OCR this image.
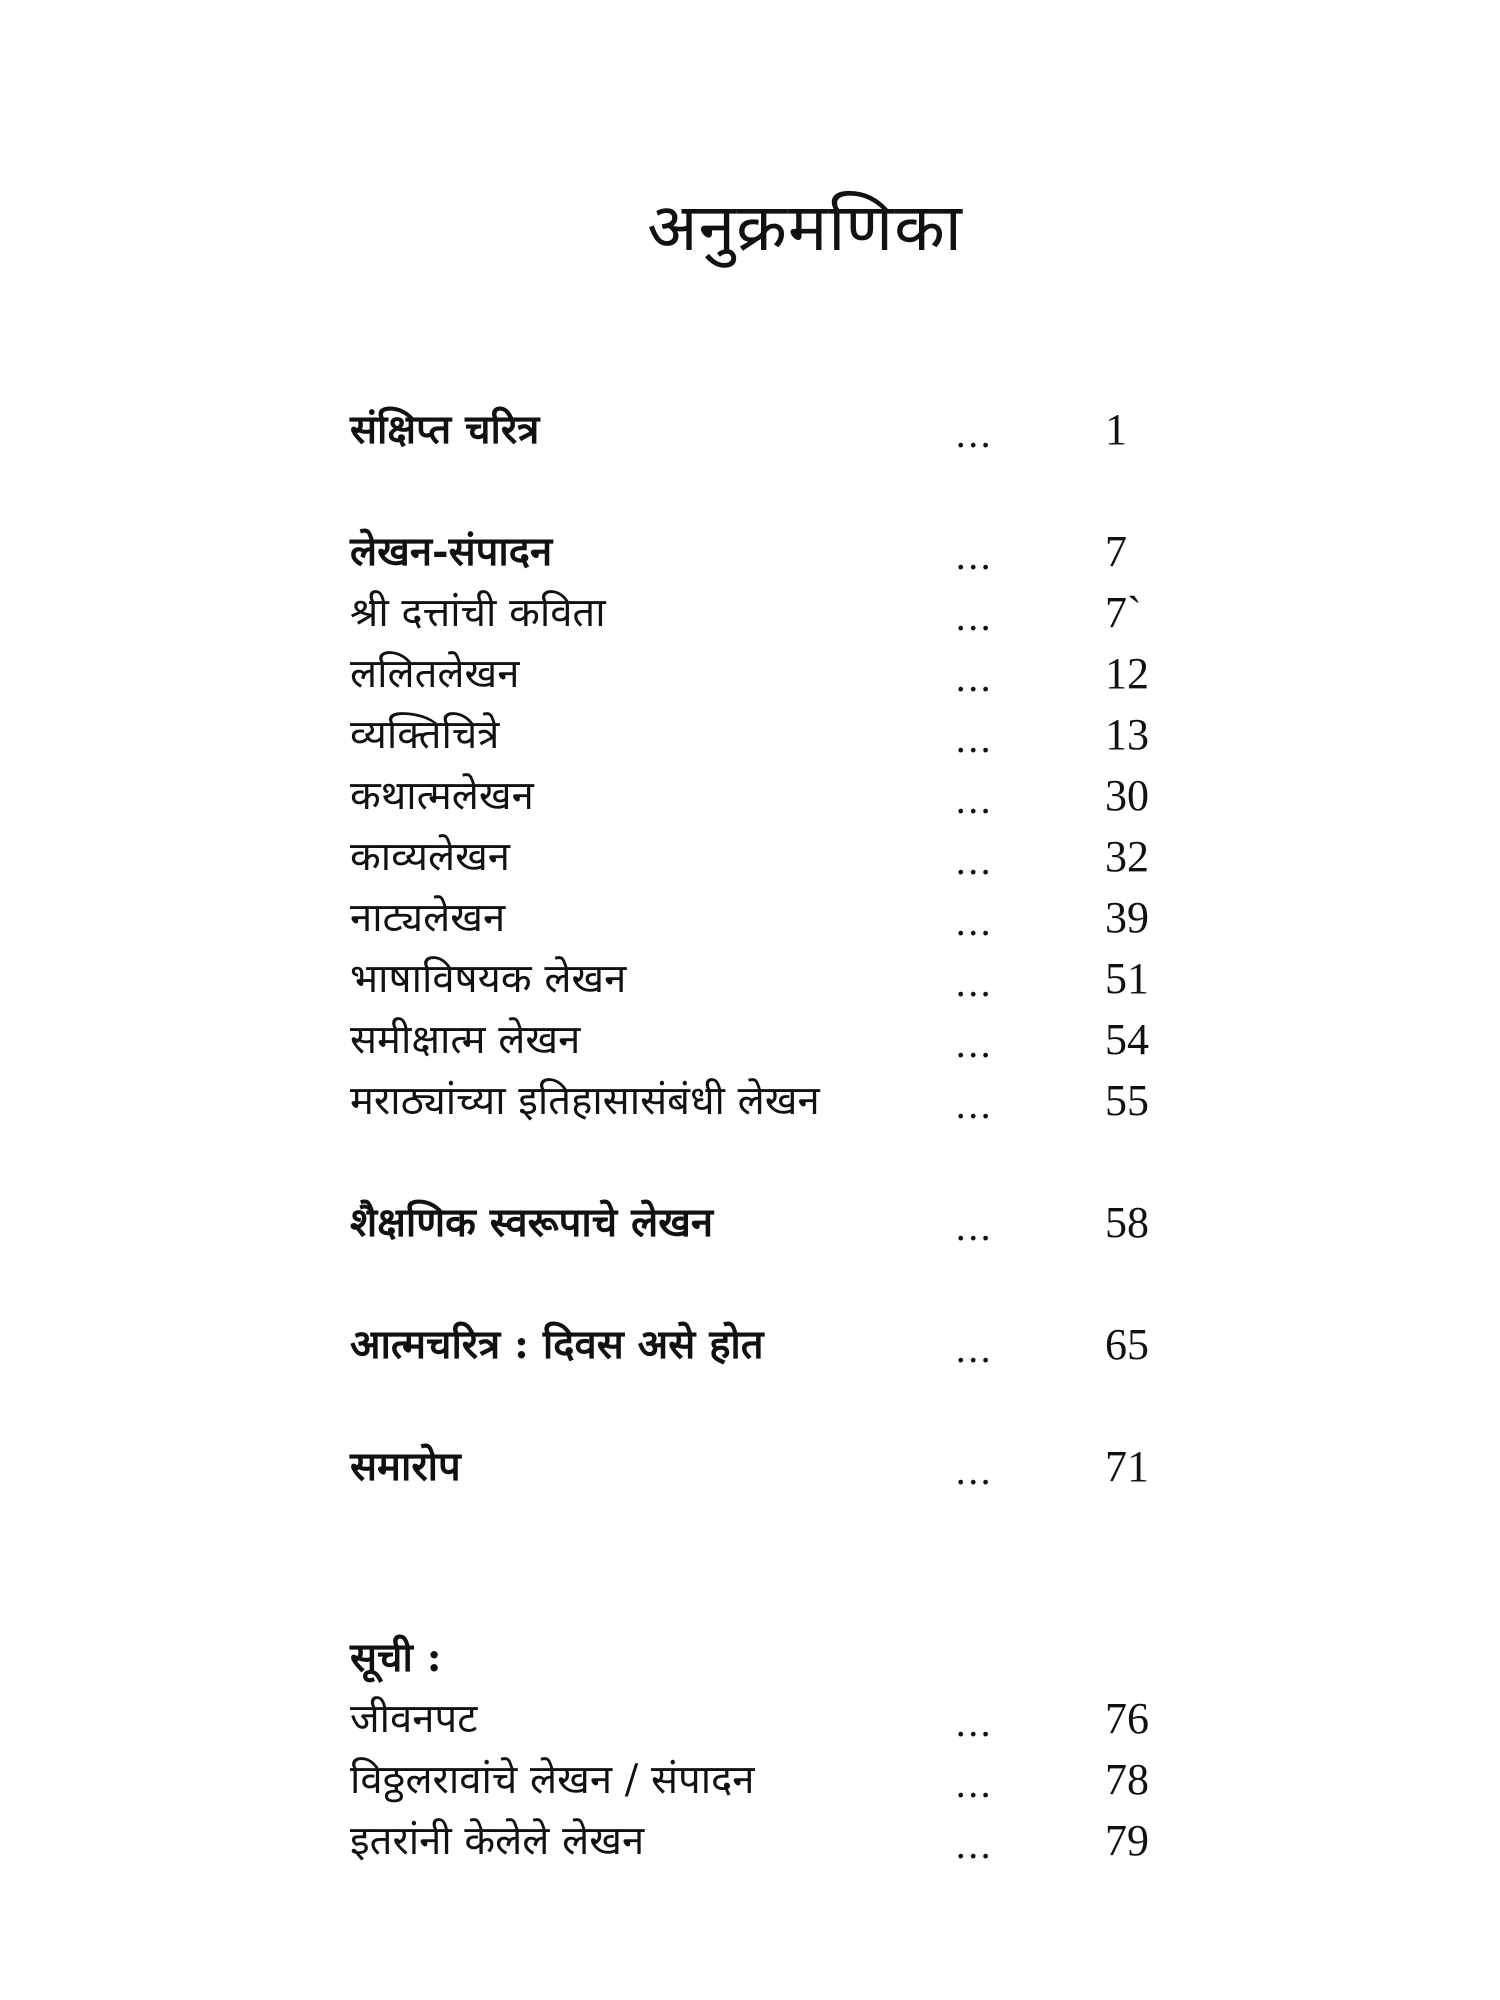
अनुक्रमणिका
संक्षिप्त चरित्र	...	1
लेखन-संपादन	...	7
श्री दत्तांची कविता	...	7`
ललितलेखन	...	12
व्यक्तिचित्रे	...	13
कथात्मलेखन	...	30
काव्यलेखन	...	32
नाट्यलेखन	...	39
भाषाविषयक लेखन	...	51
समीक्षात्म लेखन	...	54
मराठ्यांच्या इतिहासासंबंधी लेखन	...	55
शैक्षणिक स्वरूपाचे लेखन	...	58
आत्मचरित्र : दिवस असे होत	...	65
समारोप	...	71
सूची :
जीवनपट	...	76
विठ्ठलरावांचे लेखन / संपादन	...	78
इतरांनी केलेले लेखन	...	79
